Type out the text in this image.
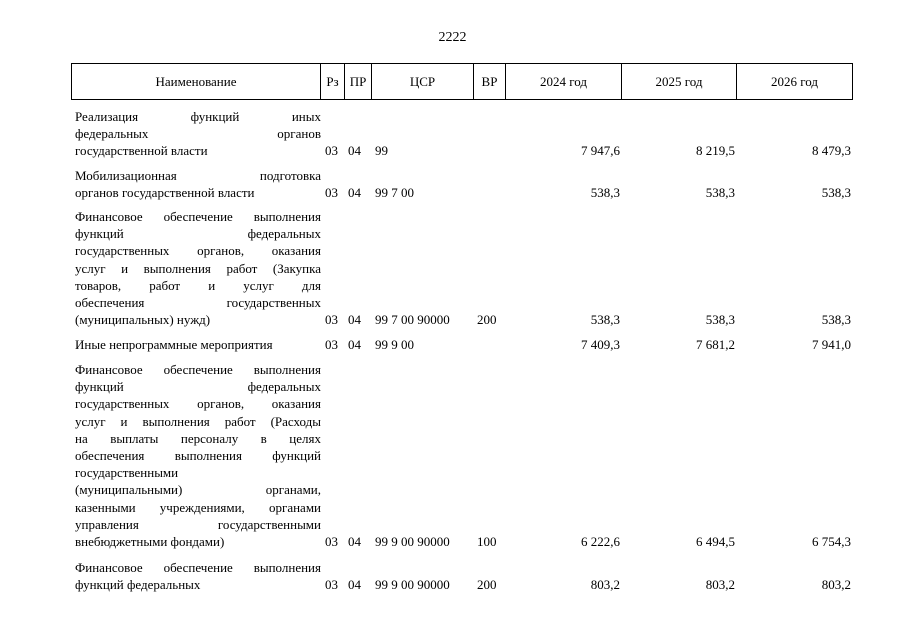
2222
Наименование	Рз ПР	ЦСР	ВР	2024 год	2025 год	2026 год
Реализация функций иных
федеральных органов
государственной власти	03 04 99	7 947,6	8 219,5	8 479,3
Мобилизационная подготовка
органов государственной власти	03 04 99 7 00	538,3	538,3	538,3
Финансовое обеспечение выполнения
функций федеральных
государственных органов, оказания
услуг и выполнения работ (Закупка
товаров, работ и услуг для
обеспечения государственных
(муниципальных) нужд)	03 04 99 7 00 90000 200	538,3	538,3	538,3
Иные непрограммные мероприятия	03 04 99 9 00	7 409,3	7 681,2	7 941,0
Финансовое обеспечение выполнения
функций федеральных
государственных органов, оказания
услуг и выполнения работ (Расходы
на выплаты персоналу в целях
обеспечения выполнения функций
государственными
(муниципальными) органами,
казенными учреждениями, органами
управления государственными
внебюджетными фондами)	03 04 99 9 00 90000 100	6 222,6	6 494,5	6 754,3
Финансовое обеспечение выполнения
функций федеральных	03 04 99 9 00 90000 200	803,2	803,2	803,2
